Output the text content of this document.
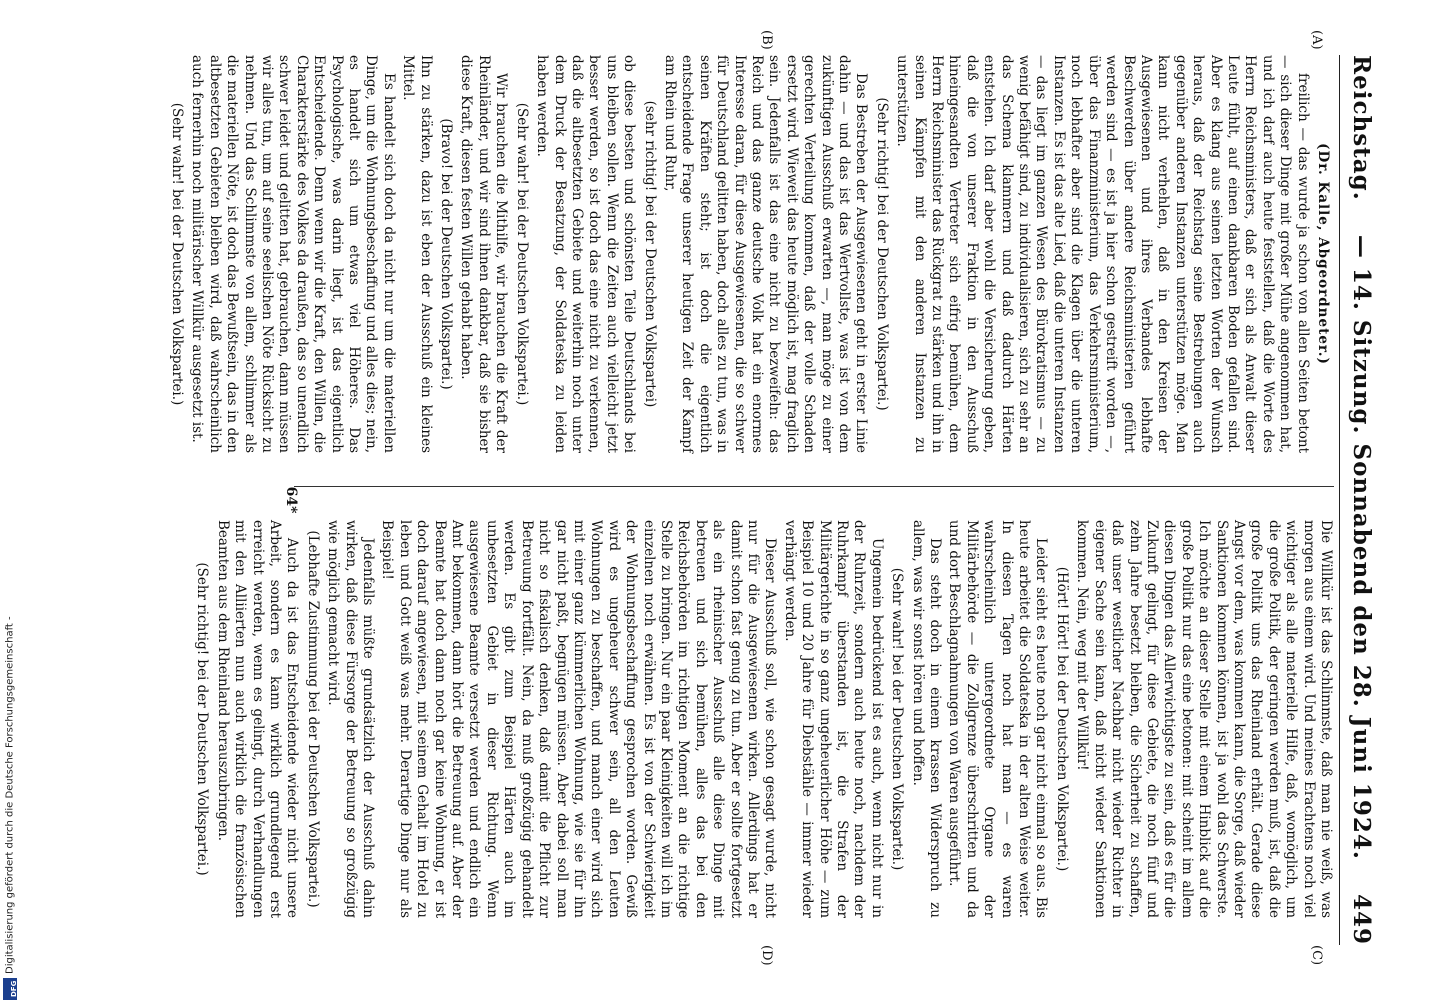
DFG
Digitalisierung gefördert durch die Deutsche Forschungsgemeinschaft -
Reichstag.
— 14. Sitzung. Sonnabend den 28. Juni 1924.
449
(A)
(B)
(C)
(D)

(Dr. Kalle, Abgeordneter.)

freilich — das wurde ja schon von allen Seiten betont — sich dieser Dinge mit großer Mühe angenommen hat, und ich darf auch heute feststellen, daß die Worte des Herrn Reichsministers, daß er sich als Anwalt dieser Leute fühlt, auf einen dankbaren Boden gefallen sind. Aber es klang aus seinen letzten Worten der Wunsch heraus, daß der Reichstag seine Bestrebungen auch gegenüber anderen Instanzen unterstützen möge. Man kann nicht verhehlen, daß in den Kreisen der Ausgewiesenen und ihres Verbandes lebhafte Beschwerden über andere Reichsministerien geführt werden sind — es ist ja hier schon gestreift worden —, über das Finanzministerium, das Verkehrsministerium, noch lebhafter aber sind die Klagen über die unteren Instanzen. Es ist das alte Lied, daß die unteren Instanzen — das liegt im ganzen Wesen des Bürokratismus — zu wenig befähigt sind, zu individualisieren, sich zu sehr an das Schema klammern und daß dadurch Härten entstehen. Ich darf aber wohl die Versicherung geben, daß die von unserer Fraktion in den Ausschuß hineingesandten Vertreter sich eifrig bemühen, dem Herrn Reichsminister das Rückgrat zu stärken und ihn in seinen Kämpfen mit den anderen Instanzen zu unterstützen.

(Sehr richtig! bei der Deutschen Volkspartei.)

Das Bestreben der Ausgewiesenen geht in erster Linie dahin — und das ist das Wertvollste, was ist von dem zukünftigen Ausschuß erwarten —, man möge zu einer gerechten Verteilung kommen, daß der volle Schaden ersetzt wird. Wieweit das heute möglich ist, mag fraglich sein. Jedenfalls ist das eine nicht zu bezweifeln: das Reich und das ganze deutsche Volk hat ein enormes Interesse daran, für diese Ausgewiesenen, die so schwer für Deutschland gelitten haben, doch alles zu tun, was in seinen Kräften steht; ist doch die eigentlich entscheidende Frage unserer heutigen Zeit der Kampf am Rhein und Ruhr,

(sehr richtig! bei der Deutschen Volkspartei)

ob diese besten und schönsten Teile Deutschlands bei uns bleiben sollen. Wenn die Zeiten auch vielleicht jetzt besser werden, so ist doch das eine nicht zu verkennen, daß die altbesetzten Gebiete und weiterhin noch unter dem Druck der Besatzung, der Soldateska zu leiden haben werden.

(Sehr wahr! bei der Deutschen Volkspartei.)

Wir brauchen die Mithilfe, wir brauchen die Kraft der Rheinländer, und wir sind ihnen dankbar, daß sie bisher diese Kraft, diesen festen Willen gehabt haben.

(Bravo! bei der Deutschen Volkspartei.)

Ihn zu stärken, dazu ist eben der Ausschuß ein kleines Mittel.

Es handelt sich doch da nicht nur um die materiellen Dinge, um die Wohnungsbeschaffung und alles dies; nein, es handelt sich um etwas viel Höheres. Das Psychologische, was darin liegt, ist das eigentlich Entscheidende. Denn wenn wir die Kraft, den Willen, die Charakterstärke des Volkes da draußen, das so unendlich schwer leidet und gelitten hat, gebrauchen, dann müssen wir alles tun, um auf seine seelischen Nöte Rücksicht zu nehmen. Und das Schlimmste von allem, schlimmer als die materiellen Nöte, ist doch das Bewußtsein, das in den altbesetzten Gebieten bleiben wird, daß wahrscheinlich auch fernerhin noch militärischer Willkür ausgesetzt ist.

(Sehr wahr! bei der Deutschen Volkspartei.)

Die Willkür ist das Schlimmste, daß man nie weiß, was morgen aus einem wird. Und meines Erachtens noch viel wichtiger als alle materielle Hilfe, daß, womöglich, um die große Politik, der geringen werden muß, ist, daß die große Politik uns das Rheinland erhält. Gerade diese Angst vor dem, was kommen kann, die Sorge, daß wieder Sanktionen kommen können, ist ja wohl das Schwerste. Ich möchte an dieser Stelle mit einem Hinblick auf die große Politik nur das eine betonen: mit scheint im allem diesen Dingen das Allerwichtigste zu sein, daß es für die Zukunft gelingt, für diese Gebiete, die noch fünf und zehn Jahre besetzt bleiben, die Sicherheit zu schaffen, daß unser westlicher Nachbar nicht wieder Richter in eigener Sache sein kann, daß nicht wieder Sanktionen kommen. Nein, weg mit der Willkür!

(Hört! Hört! bei der Deutschen Volkspartei.)

Leider sieht es heute noch gar nicht einmal so aus. Bis heute arbeitet die Soldateska in der alten Weise weiter. In diesen Tagen noch hat man — es waren wahrscheinlich untergeordnete Organe der Militärbehörde — die Zollgrenze überschritten und da und dort Beschlagnahmungen von Waren ausgeführt.

Das steht doch in einem krassen Widerspruch zu allem, was wir sonst hören und hoffen.

(Sehr wahr! bei der Deutschen Volkspartei.)

Ungemein bedrückend ist es auch, wenn nicht nur in der Ruhrzeit, sondern auch heute noch, nachdem der Ruhrkampf überstanden ist, die Strafen der Militärgerichte in so ganz ungeheuerlicher Höhe — zum Beispiel 10 und 20 Jahre für Diebstähle — immer wieder verhängt werden.

Dieser Ausschuß soll, wie schon gesagt wurde, nicht nur für die Ausgewiesenen wirken. Allerdings hat er damit schon fast genug zu tun. Aber er sollte fortgesetzt als ein rheinischer Ausschuß alle diese Dinge mit betreuen und sich bemühen, alles das bei den Reichsbehörden im richtigen Moment an die richtige Stelle zu bringen. Nur ein paar Kleinigkeiten will ich im einzelnen noch erwähnen. Es ist von der Schwierigkeit der Wohnungsbeschaffung gesprochen worden. Gewiß wird es ungeheuer schwer sein, all den Leuten Wohnungen zu beschaffen, und manch einer wird sich mit einer ganz kümmerlichen Wohnung, wie sie für ihn gar nicht paßt, begnügen müssen. Aber dabei soll man nicht so fiskalisch denken, daß damit die Pflicht zur Betreuung fortfällt. Nein, da muß großzügig gehandelt werden. Es gibt zum Beispiel Härten auch im unbesetzten Gebiet in dieser Richtung. Wenn ausgewiesene Beamte versetzt werden und endlich ein Amt bekommen, dann hört die Betreuung auf. Aber der Beamte hat doch dann noch gar keine Wohnung, er ist doch darauf angewiesen, mit seinem Gehalt im Hotel zu leben und Gott weiß was mehr. Derartige Dinge nur als Beispiel!

Jedenfalls müßte grundsätzlich der Ausschuß dahin wirken, daß diese Fürsorge der Betreuung so großzügig wie möglich gemacht wird.

(Lebhafte Zustimmung bei der Deutschen Volkspartei.)

Auch da ist das Entscheidende wieder nicht unsere Arbeit, sondern es kann wirklich grundlegend erst erreicht werden, wenn es gelingt, durch Verhandlungen mit den Alliierten nun auch wirklich die französischen Beamten aus dem Rheinland herauszubringen.

(Sehr richtig! bei der Deutschen Volkspartei.)

64*
